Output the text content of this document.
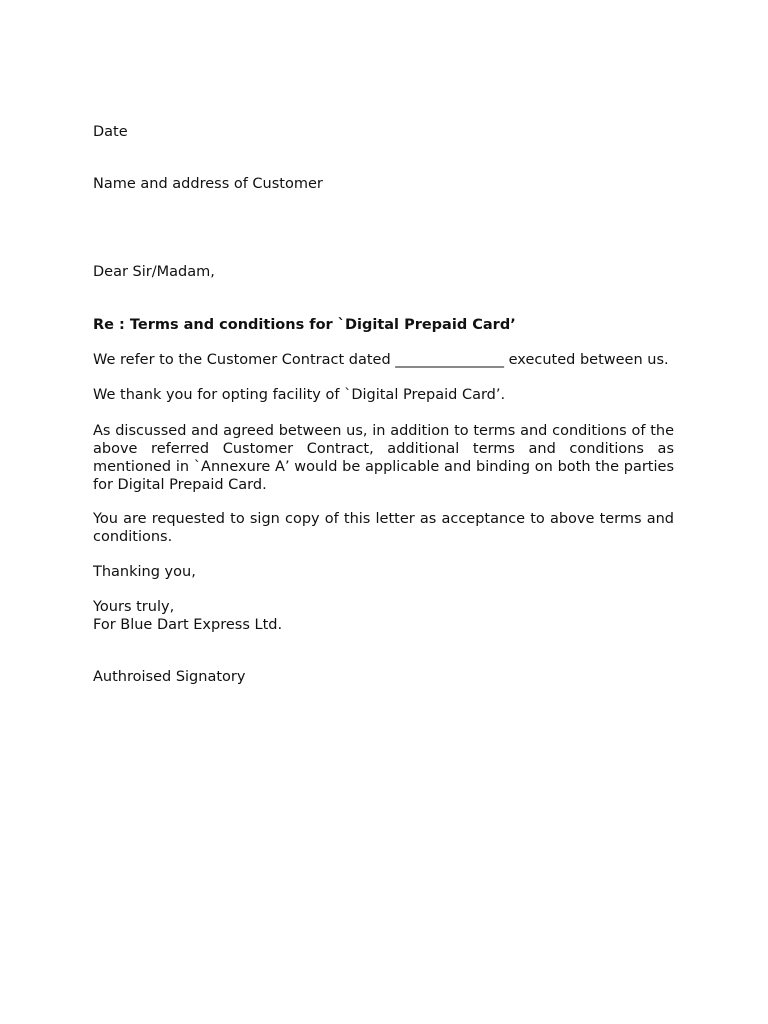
Date

Name and address of Customer

Dear Sir/Madam,

Re : Terms and conditions for `Digital Prepaid Card’

We refer to the Customer Contract dated _______________ executed between us.

We thank you for opting facility of `Digital Prepaid Card’.

As discussed and agreed between us, in addition to terms and conditions of the above referred Customer Contract, additional terms and conditions as mentioned in `Annexure A’ would be applicable and binding on both the parties for Digital Prepaid Card.

You are requested to sign copy of this letter as acceptance to above terms and conditions.

Thanking you,

Yours truly,

For Blue Dart Express Ltd.

Authroised Signatory
